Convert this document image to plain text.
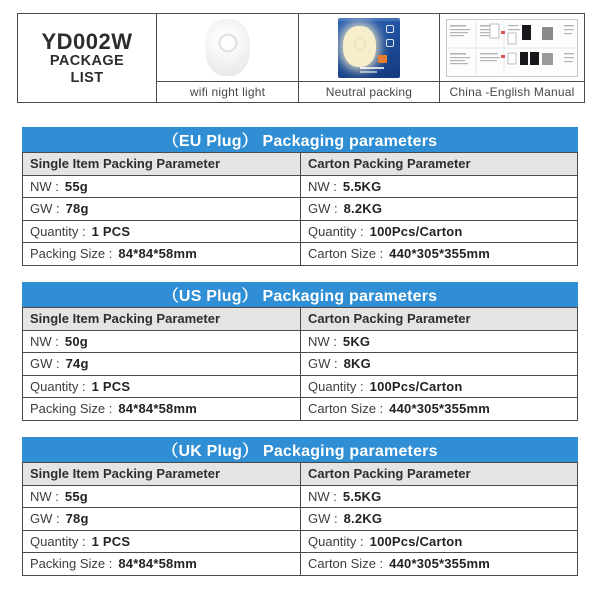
YD002W
PACKAGE
LIST
wifi night light	Neutral packing	China -English Manual
（EU Plug） Packaging parameters
Single Item Packing Parameter	Carton Packing Parameter
NW : 55g	NW : 5.5KG
GW : 78g	GW : 8.2KG
Quantity : 1 PCS	Quantity : 100Pcs/Carton
Packing Size : 84*84*58mm	Carton Size : 440*305*355mm
（US Plug） Packaging parameters
Single Item Packing Parameter	Carton Packing Parameter
NW : 50g	NW : 5KG
GW : 74g	GW : 8KG
Quantity : 1 PCS	Quantity : 100Pcs/Carton
Packing Size : 84*84*58mm	Carton Size : 440*305*355mm
（UK Plug） Packaging parameters
Single Item Packing Parameter	Carton Packing Parameter
NW : 55g	NW : 5.5KG
GW : 78g	GW : 8.2KG
Quantity : 1 PCS	Quantity : 100Pcs/Carton
Packing Size : 84*84*58mm	Carton Size : 440*305*355mm
